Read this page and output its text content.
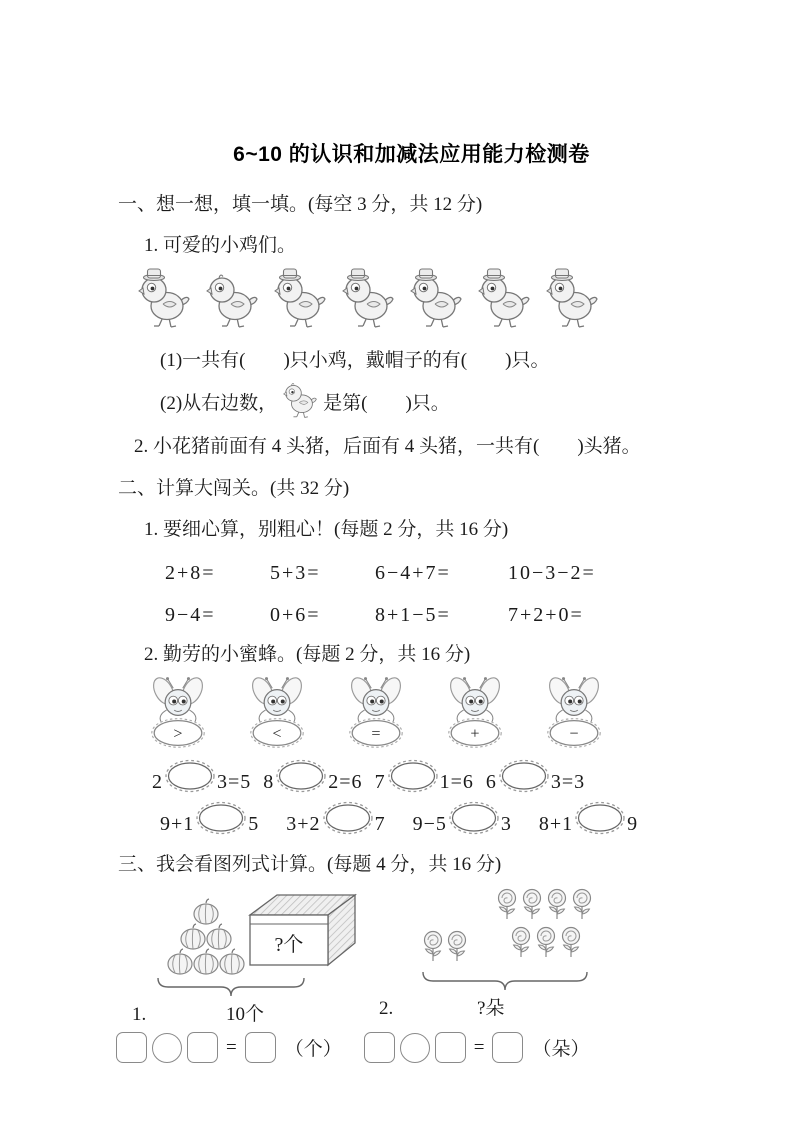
6~10 的认识和加减法应用能力检测卷
一、想一想，填一填。(每空 3 分，共 12 分)
1. 可爱的小鸡们。
(1)一共有(　　)只小鸡，戴帽子的有(　　)只。
(2)从右边数， 是第(　　)只。
2. 小花猪前面有 4 头猪，后面有 4 头猪，一共有(　　)头猪。
二、计算大闯关。(共 32 分)
1. 要细心算，别粗心！(每题 2 分，共 16 分)
2+8=	5+3=	6−4+7=	10−3−2=
9−4=	0+6=	8+1−5=	7+2+0=
2. 勤劳的小蜜蜂。(每题 2 分，共 16 分)
>	<	=	+	−
2	3=5 8	2=6 7	1=6 6	3=3
9+1	5 3+2	7 9−5	3 8+1	9
三、我会看图列式计算。(每题 4 分，共 16 分)
?个
1.	10个	2.	?朵
=	（个）	=	（朵）
